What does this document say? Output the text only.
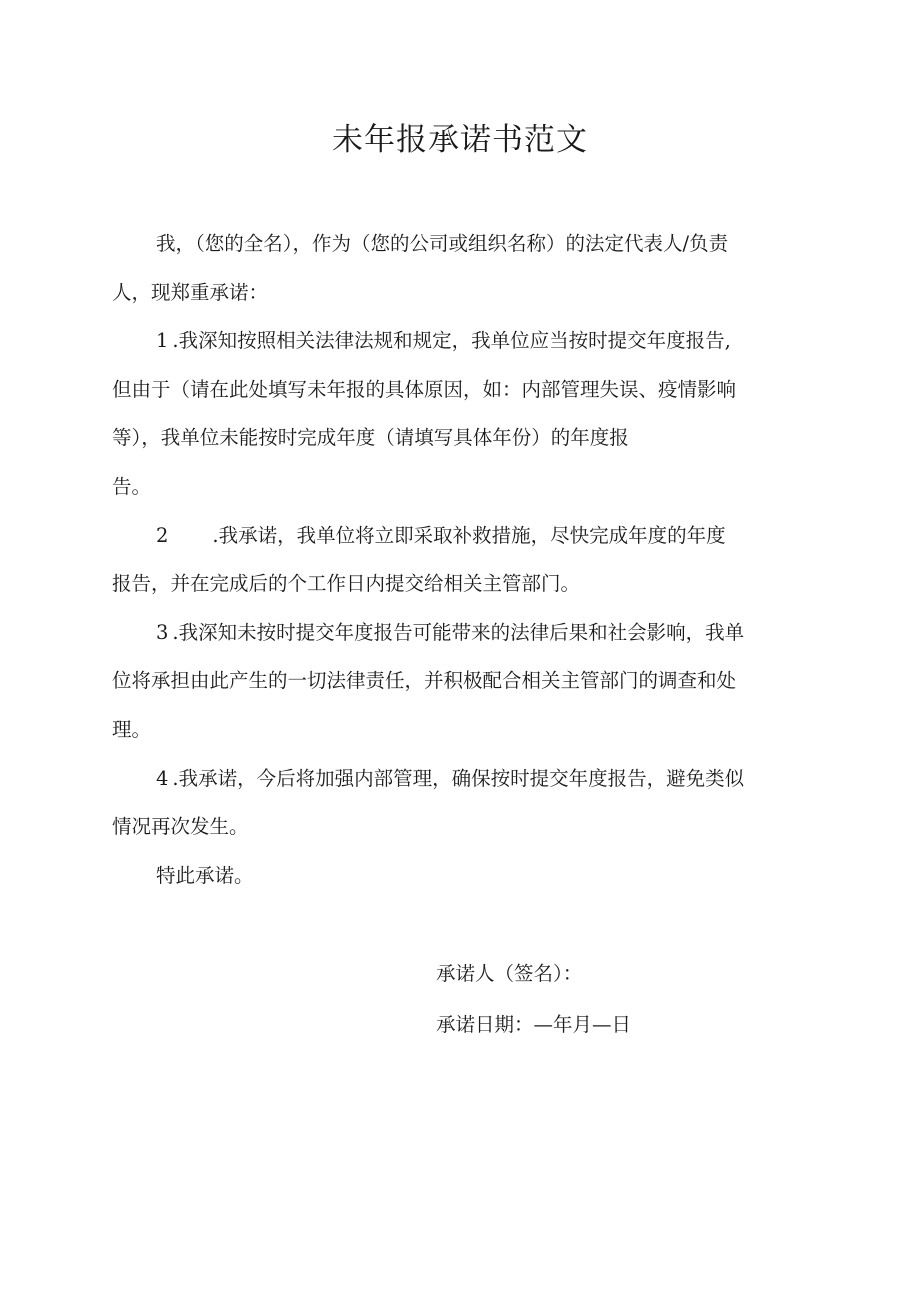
未年报承诺书范文

我，（您的全名），作为（您的公司或组织名称）的法定代表人/负责
人，现郑重承诺：

1 .我深知按照相关法律法规和规定，我单位应当按时提交年度报告,
但由于（请在此处填写未年报的具体原因，如：内部管理失误、疫情影响
等），我单位未能按时完成年度（请填写具体年份）的年度报
告。

2 .我承诺，我单位将立即采取补救措施，尽快完成年度的年度
报告，并在完成后的个工作日内提交给相关主管部门。

3 .我深知未按时提交年度报告可能带来的法律后果和社会影响，我单
位将承担由此产生的一切法律责任，并积极配合相关主管部门的调查和处
理。

4 .我承诺，今后将加强内部管理，确保按时提交年度报告，避免类似
情况再次发生。

特此承诺。

承诺人（签名）：
承诺日期：—年月—日
